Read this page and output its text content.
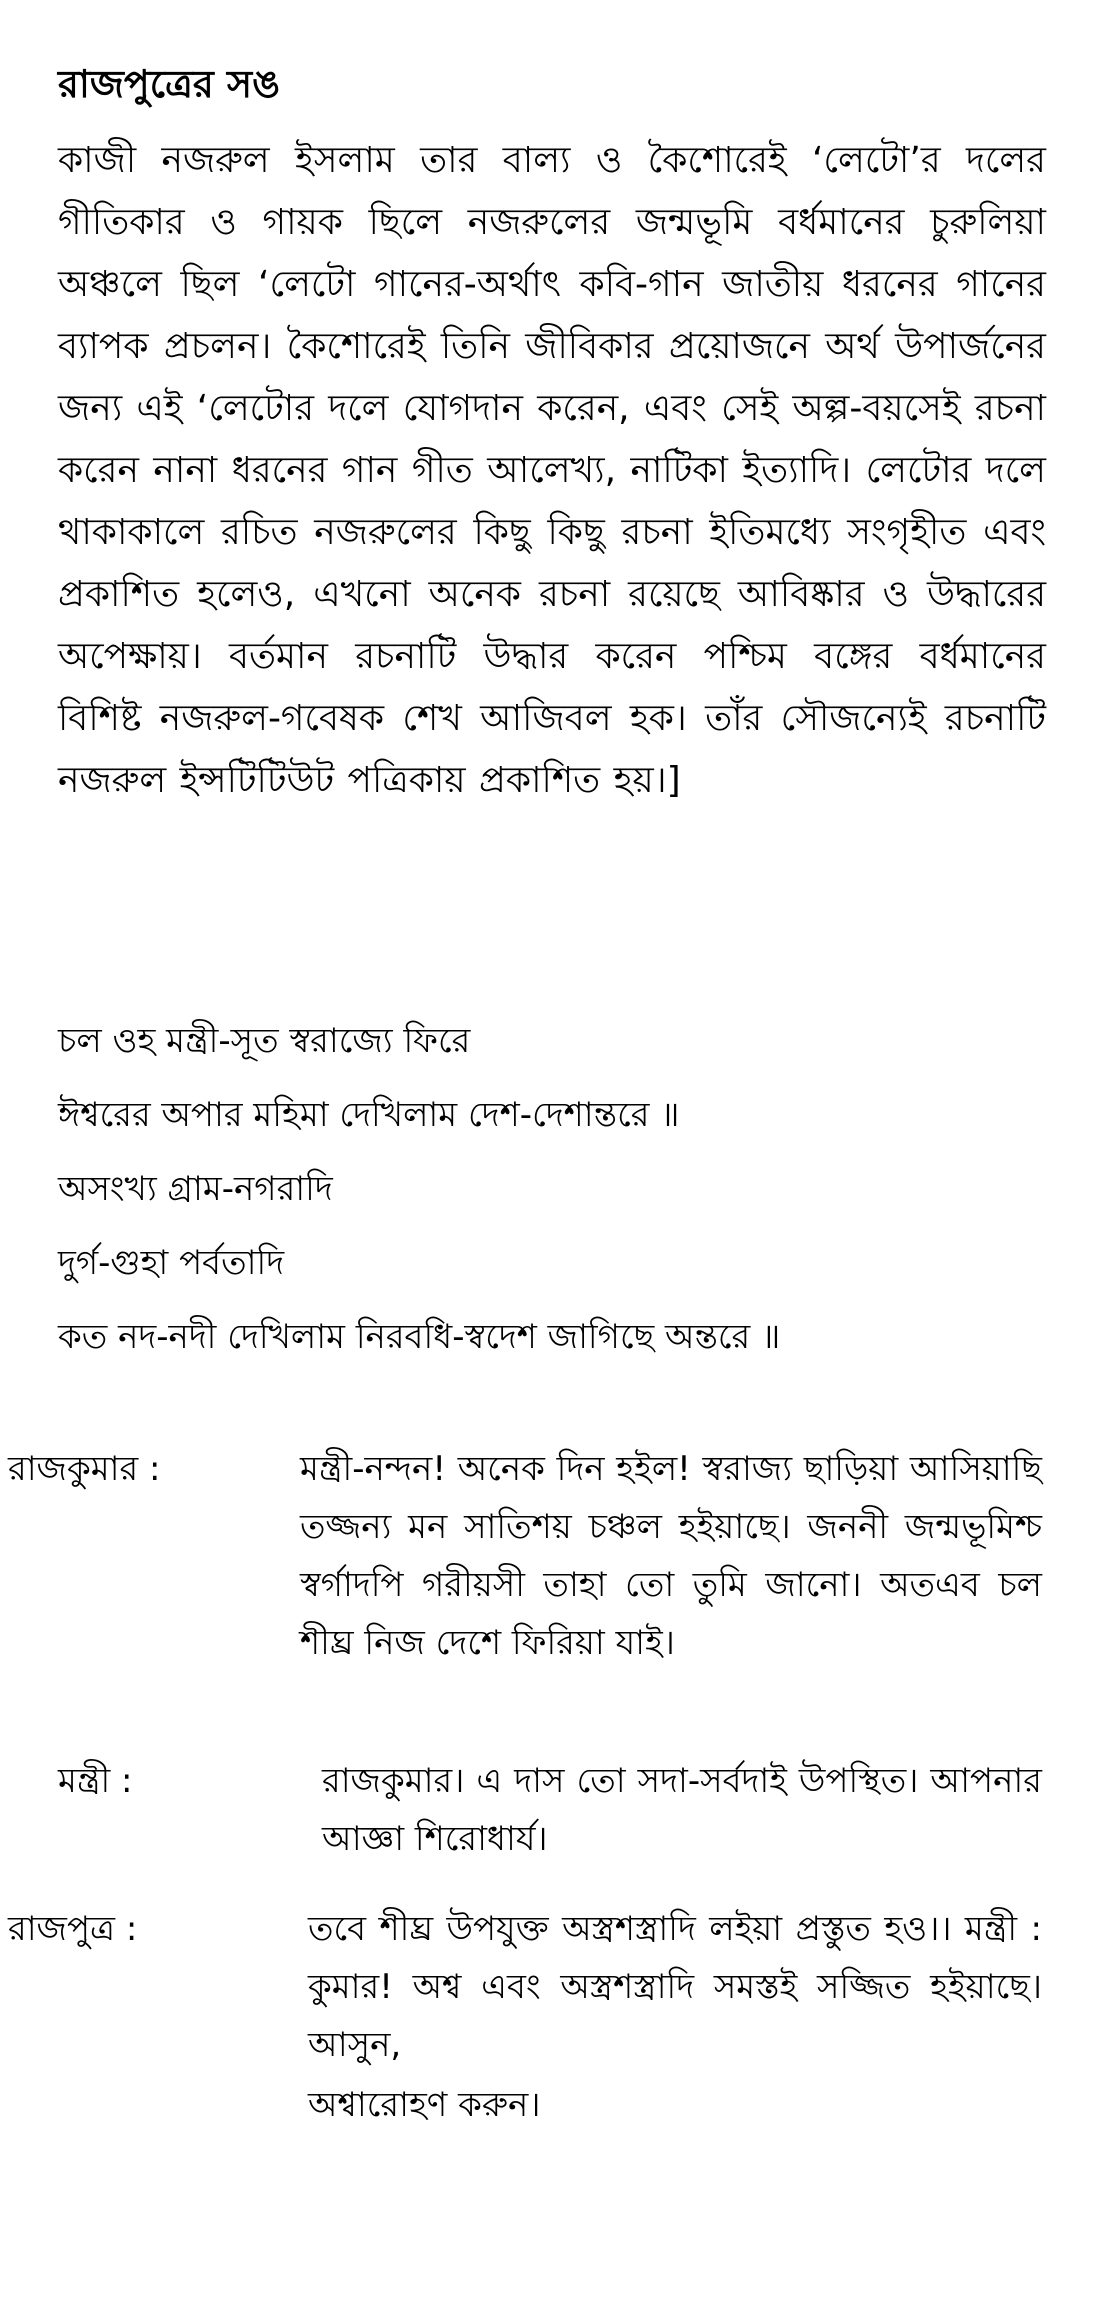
রাজপুত্রের সঙ
কাজী নজরুল ইসলাম তার বাল্য ও কৈশোরেই ‘লেটো’র দলের গীতিকার ও গায়ক ছিলে নজরুলের জন্মভূমি বর্ধমানের চুরুলিয়া অঞ্চলে ছিল ‘লেটো গানের-অর্থাৎ কবি-গান জাতীয় ধরনের গানের ব্যাপক প্রচলন। কৈশোরেই তিনি জীবিকার প্রয়োজনে অর্থ উপার্জনের জন্য এই ‘লেটোর দলে যোগদান করেন, এবং সেই অল্প-বয়সেই রচনা করেন নানা ধরনের গান গীত আলেখ্য, নাটিকা ইত্যাদি। লেটোর দলে থাকাকালে রচিত নজরুলের কিছু কিছু রচনা ইতিমধ্যে সংগৃহীত এবং প্রকাশিত হলেও, এখনো অনেক রচনা রয়েছে আবিষ্কার ও উদ্ধারের অপেক্ষায়। বর্তমান রচনাটি উদ্ধার করেন পশ্চিম বঙ্গের বর্ধমানের বিশিষ্ট নজরুল-গবেষক শেখ আজিবল হক। তাঁর সৌজন্যেই রচনাটি নজরুল ইন্সটিটিউট পত্রিকায় প্রকাশিত হয়।]
চল ওহ মন্ত্রী-সূত স্বরাজ্যে ফিরে
ঈশ্বরের অপার মহিমা দেখিলাম দেশ-দেশান্তরে ॥
অসংখ্য গ্রাম-নগরাদি
দুর্গ-গুহা পর্বতাদি
কত নদ-নদী দেখিলাম নিরবধি-স্বদেশ জাগিছে অন্তরে ॥
রাজকুমার :	মন্ত্রী-নন্দন! অনেক দিন হইল! স্বরাজ্য ছাড়িয়া আসিয়াছি তজ্জন্য মন সাতিশয় চঞ্চল হইয়াছে। জননী জন্মভূমিশ্চ স্বর্গাদপি গরীয়সী তাহা তো তুমি জানো। অতএব চল শীঘ্র নিজ দেশে ফিরিয়া যাই।
মন্ত্রী :	রাজকুমার। এ দাস তো সদা-সর্বদাই উপস্থিত। আপনার আজ্ঞা শিরোধার্য।
রাজপুত্র :	তবে শীঘ্র উপযুক্ত অস্ত্রশস্ত্রাদি লইয়া প্রস্তুত হও।। মন্ত্রী : কুমার! অশ্ব এবং অস্ত্রশস্ত্রাদি সমস্তই সজ্জিত হইয়াছে। আসুন,
অশ্বারোহণ করুন।
